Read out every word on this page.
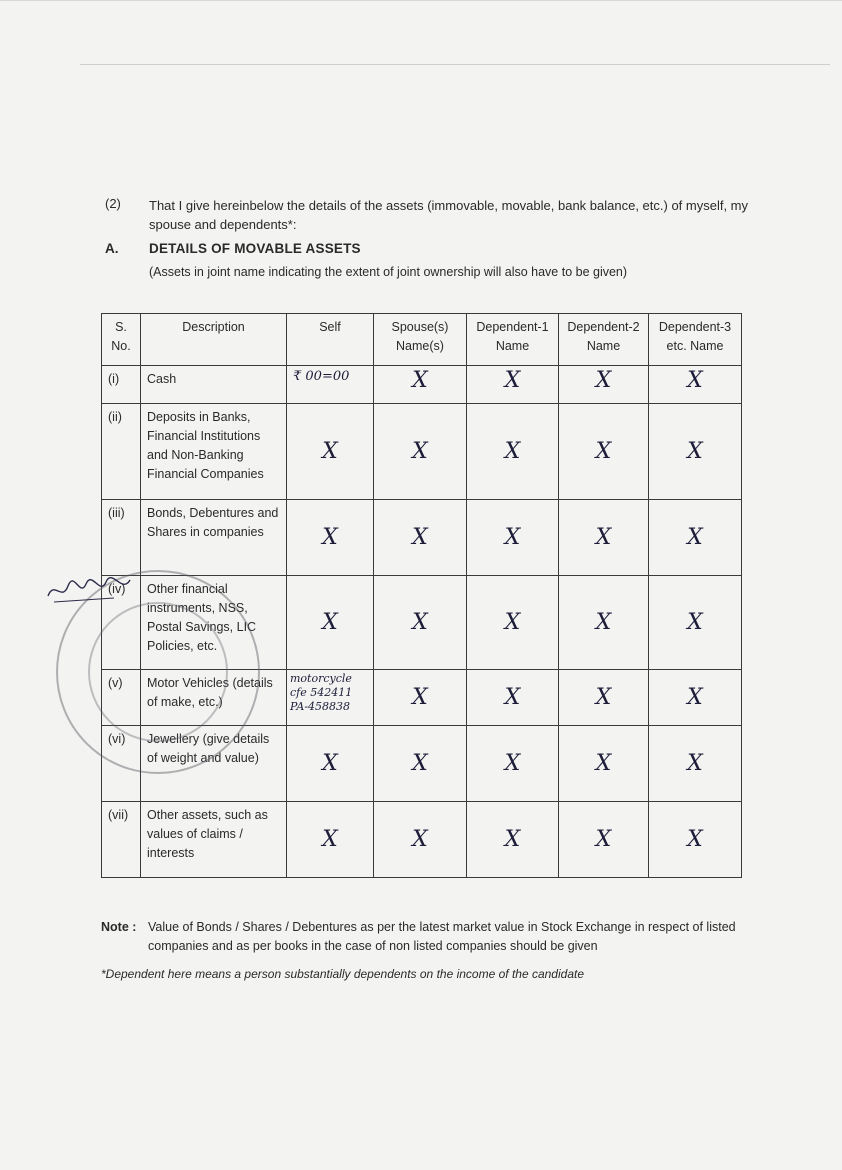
(2) That I give hereinbelow the details of the assets (immovable, movable, bank balance, etc.) of myself, my spouse and dependents*:
A. DETAILS OF MOVABLE ASSETS
(Assets in joint name indicating the extent of joint ownership will also have to be given)
S. No.	Description	Self	Spouse(s) Name(s)	Dependent-1 Name	Dependent-2 Name	Dependent-3 etc. Name
(i)	Cash	₹ 00=00	X	X	X	X

(ii)	Deposits in Banks, Financial Institutions and Non-Banking Financial Companies	X	X	X	X	X

(iii)	Bonds, Debentures and Shares in companies	X	X	X	X	X

(iv)	Other financial instruments, NSS, Postal Savings, LIC Policies, etc.	X	X	X	X	X

(v)	Motor Vehicles (details of make, etc.)	motorcycle cfe 542411 PA-458838	X	X	X	X

(vi)	Jewellery (give details of weight and value)	X	X	X	X	X

(vii)	Other assets, such as values of claims / interests	X	X	X	X	X
Note : Value of Bonds / Shares / Debentures as per the latest market value in Stock Exchange in respect of listed companies and as per books in the case of non listed companies should be given
*Dependent here means a person substantially dependents on the income of the candidate
